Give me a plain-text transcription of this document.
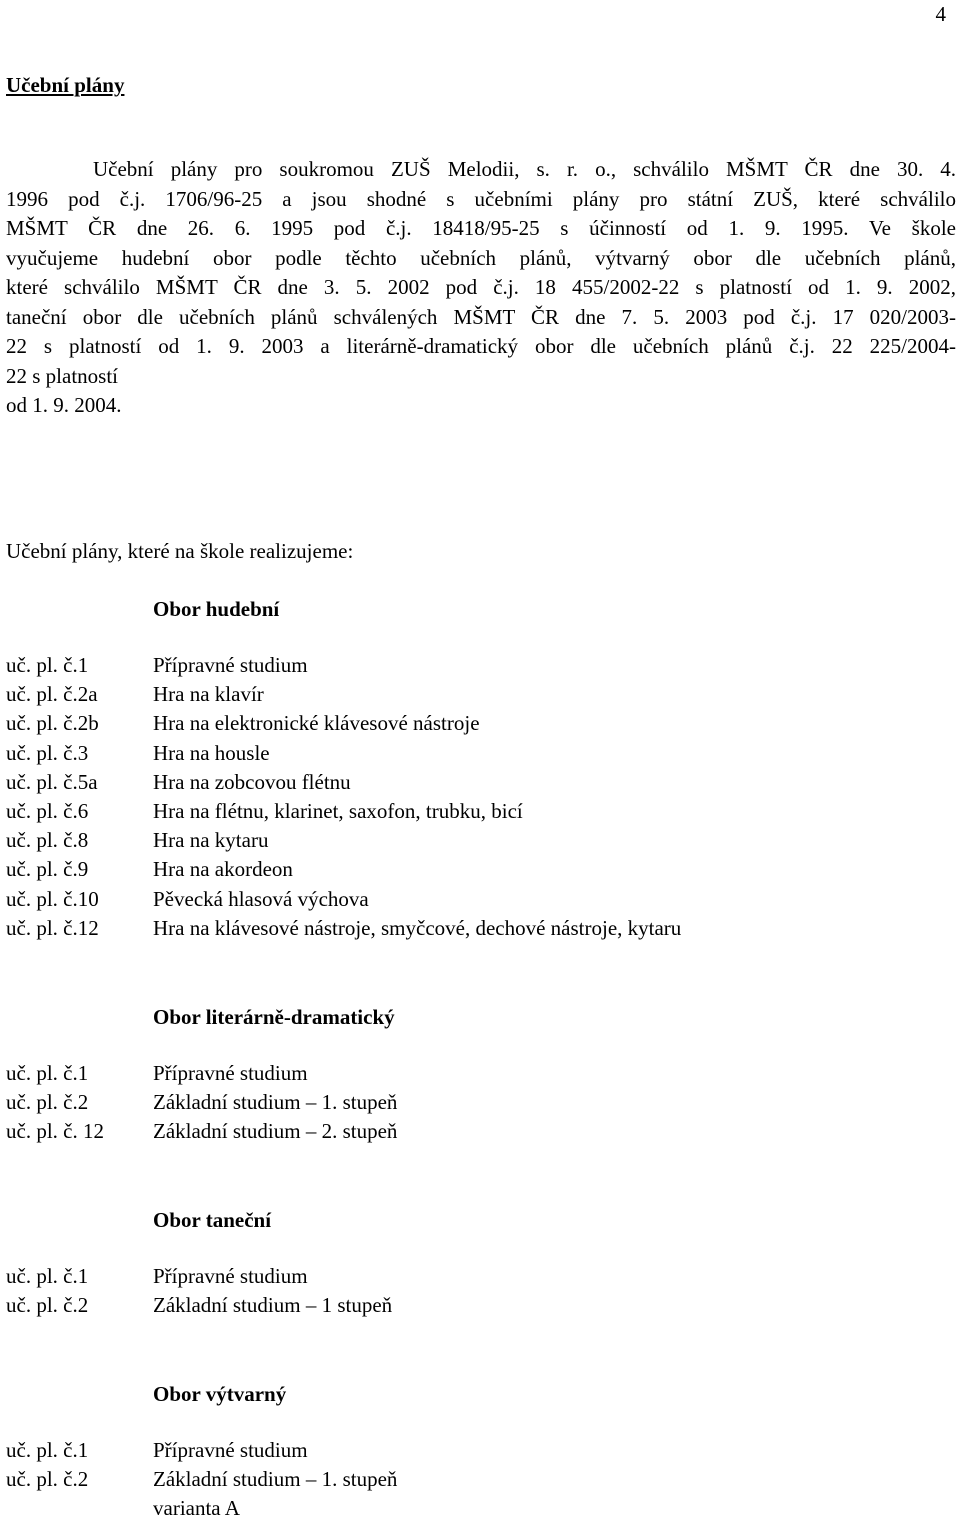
4
Učební plány

Učební plány pro soukromou ZUŠ Melodii, s. r. o., schválilo MŠMT ČR dne 30. 4.
1996 pod č.j. 1706/96-25 a jsou shodné s učebními plány pro státní ZUŠ, které schválilo
MŠMT ČR dne 26. 6. 1995 pod č.j. 18418/95-25 s účinností od 1. 9. 1995. Ve škole
vyučujeme hudební obor podle těchto učebních plánů, výtvarný obor dle učebních plánů,
které schválilo MŠMT ČR dne 3. 5. 2002 pod č.j. 18 455/2002-22 s platností od 1. 9. 2002,
taneční obor dle učebních plánů schválených MŠMT ČR dne 7. 5. 2003 pod č.j. 17 020/2003-
22 s platností od 1. 9. 2003 a literárně-dramatický obor dle učebních plánů č.j. 22 225/2004-
22 s platností
od 1. 9. 2004.

Učební plány, které na škole realizujeme:

Obor hudební
uč. pl. č.1	Přípravné studium
uč. pl. č.2a	Hra na klavír
uč. pl. č.2b	Hra na elektronické klávesové nástroje
uč. pl. č.3	Hra na housle
uč. pl. č.5a	Hra na zobcovou flétnu
uč. pl. č.6	Hra na flétnu, klarinet, saxofon, trubku, bicí
uč. pl. č.8	Hra na kytaru
uč. pl. č.9	Hra na akordeon
uč. pl. č.10	Pěvecká hlasová výchova
uč. pl. č.12	Hra na klávesové nástroje, smyčcové, dechové nástroje, kytaru
Obor literárně-dramatický
uč. pl. č.1	Přípravné studium
uč. pl. č.2	Základní studium – 1. stupeň
uč. pl. č. 12	Základní studium – 2. stupeň
Obor taneční
uč. pl. č.1	Přípravné studium
uč. pl. č.2	Základní studium – 1 stupeň
Obor výtvarný
uč. pl. č.1	Přípravné studium
uč. pl. č.2	Základní studium – 1. stupeň
varianta A
